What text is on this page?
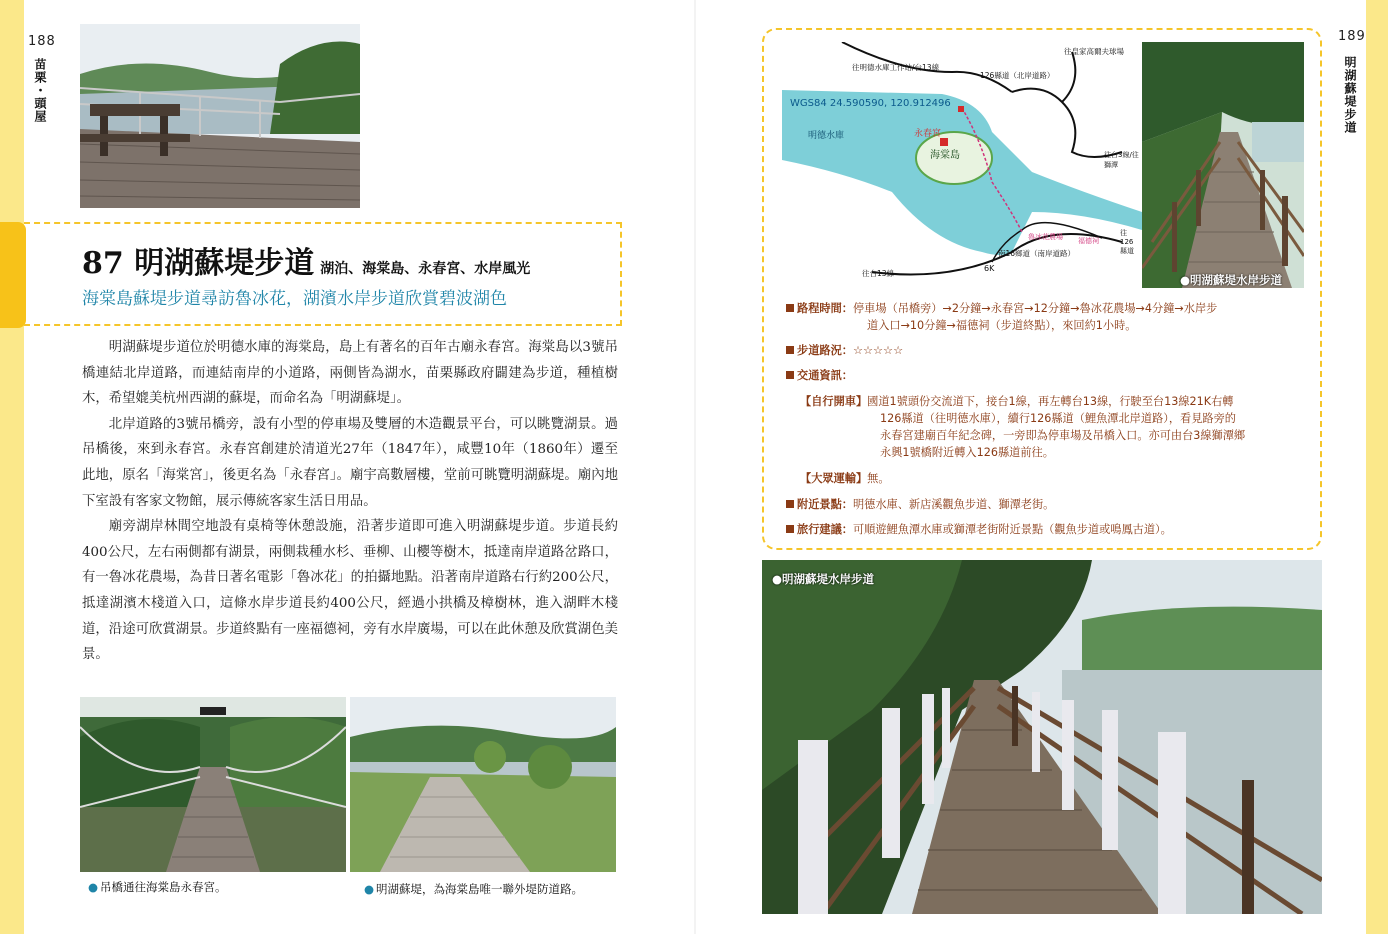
188
苗栗・頭屋
87 明湖蘇堤步道 湖泊、海棠島、永春宮、水岸風光
海棠島蘇堤步道尋訪魯冰花，湖濱水岸步道欣賞碧波湖色

明湖蘇堤步道位於明德水庫的海棠島，島上有著名的百年古廟永春宮。海棠島以3號吊橋連結北岸道路，而連結南岸的小道路，兩側皆為湖水，苗栗縣政府闢建為步道，種植樹木，希望媲美杭州西湖的蘇堤，而命名為「明湖蘇堤」。

北岸道路的3號吊橋旁，設有小型的停車場及雙層的木造觀景平台，可以眺覽湖景。過吊橋後，來到永春宮。永春宮創建於清道光27年（1847年），咸豐10年（1860年）遷至此地，原名「海棠宮」，後更名為「永春宮」。廟宇高數層樓，堂前可眺覽明湖蘇堤。廟內地下室設有客家文物館，展示傳統客家生活日用品。

廟旁湖岸林間空地設有桌椅等休憩設施，沿著步道即可進入明湖蘇堤步道。步道長約400公尺，左右兩側都有湖景，兩側栽種水杉、垂柳、山櫻等樹木，抵達南岸道路岔路口，有一魯冰花農場，為昔日著名電影「魯冰花」的拍攝地點。沿著南岸道路右行約200公尺，抵達湖濱木棧道入口，這條水岸步道長約400公尺，經過小拱橋及樟樹林，進入湖畔木棧道，沿途可欣賞湖景。步道終點有一座福德祠，旁有水岸廣場，可以在此休憩及欣賞湖色美景。

● 吊橋通往海棠島永春宮。	● 明湖蘇堤，為海棠島唯一聯外堤防道路。
189
明湖蘇堤步道
WGS84 24.590590, 120.912496
明德水庫
海棠島
永春宮
往明德水庫工作站/台13線
126縣道（北岸道路）
往皇家高爾夫球場
往台3線/往獅潭
往台13線
南16鄉道（南岸道路）
往126縣道
魯冰花農場 福德祠
6K
●明湖蘇堤水岸步道
路程時間：停車場（吊橋旁）→2分鐘→永春宮→12分鐘→魯冰花農場→4分鐘→水岸步
道入口→10分鐘→福德祠（步道終點），來回約1小時。
步道路況：☆☆☆☆☆
交通資訊：
【自行開車】國道1號頭份交流道下，接台1線，再左轉台13線，行駛至台13線21K右轉
126縣道（往明德水庫），續行126縣道（鯉魚潭北岸道路），看見路旁的
永春宮建廟百年紀念碑，一旁即為停車場及吊橋入口。亦可由台3線獅潭鄉
永興1號橋附近轉入126縣道前往。
【大眾運輸】無。
附近景點：明德水庫、新店溪觀魚步道、獅潭老街。
旅行建議：可順遊鯉魚潭水庫或獅潭老街附近景點（觀魚步道或鳴鳳古道）。
●明湖蘇堤水岸步道
